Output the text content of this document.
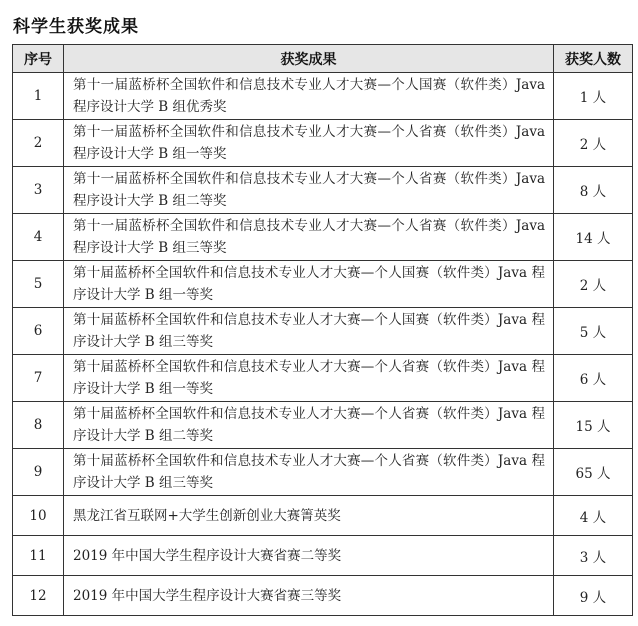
科学生获奖成果
序号	获奖成果	获奖人数
1	第十一届蓝桥杯全国软件和信息技术专业人才大赛—个人国赛（软件类）Java 程序设计大学 B 组优秀奖	1 人
2	第十一届蓝桥杯全国软件和信息技术专业人才大赛—个人省赛（软件类）Java 程序设计大学 B 组一等奖	2 人
3	第十一届蓝桥杯全国软件和信息技术专业人才大赛—个人省赛（软件类）Java 程序设计大学 B 组二等奖	8 人
4	第十一届蓝桥杯全国软件和信息技术专业人才大赛—个人省赛（软件类）Java 程序设计大学 B 组三等奖	14 人
5	第十届蓝桥杯全国软件和信息技术专业人才大赛—个人国赛（软件类）Java 程序设计大学 B 组一等奖	2 人
6	第十届蓝桥杯全国软件和信息技术专业人才大赛—个人国赛（软件类）Java 程序设计大学 B 组三等奖	5 人
7	第十届蓝桥杯全国软件和信息技术专业人才大赛—个人省赛（软件类）Java 程序设计大学 B 组一等奖	6 人
8	第十届蓝桥杯全国软件和信息技术专业人才大赛—个人省赛（软件类）Java 程序设计大学 B 组二等奖	15 人
9	第十届蓝桥杯全国软件和信息技术专业人才大赛—个人省赛（软件类）Java 程序设计大学 B 组三等奖	65 人
10	黑龙江省互联网+大学生创新创业大赛箐英奖	4 人
11	2019 年中国大学生程序设计大赛省赛二等奖	3 人
12	2019 年中国大学生程序设计大赛省赛三等奖	9 人
